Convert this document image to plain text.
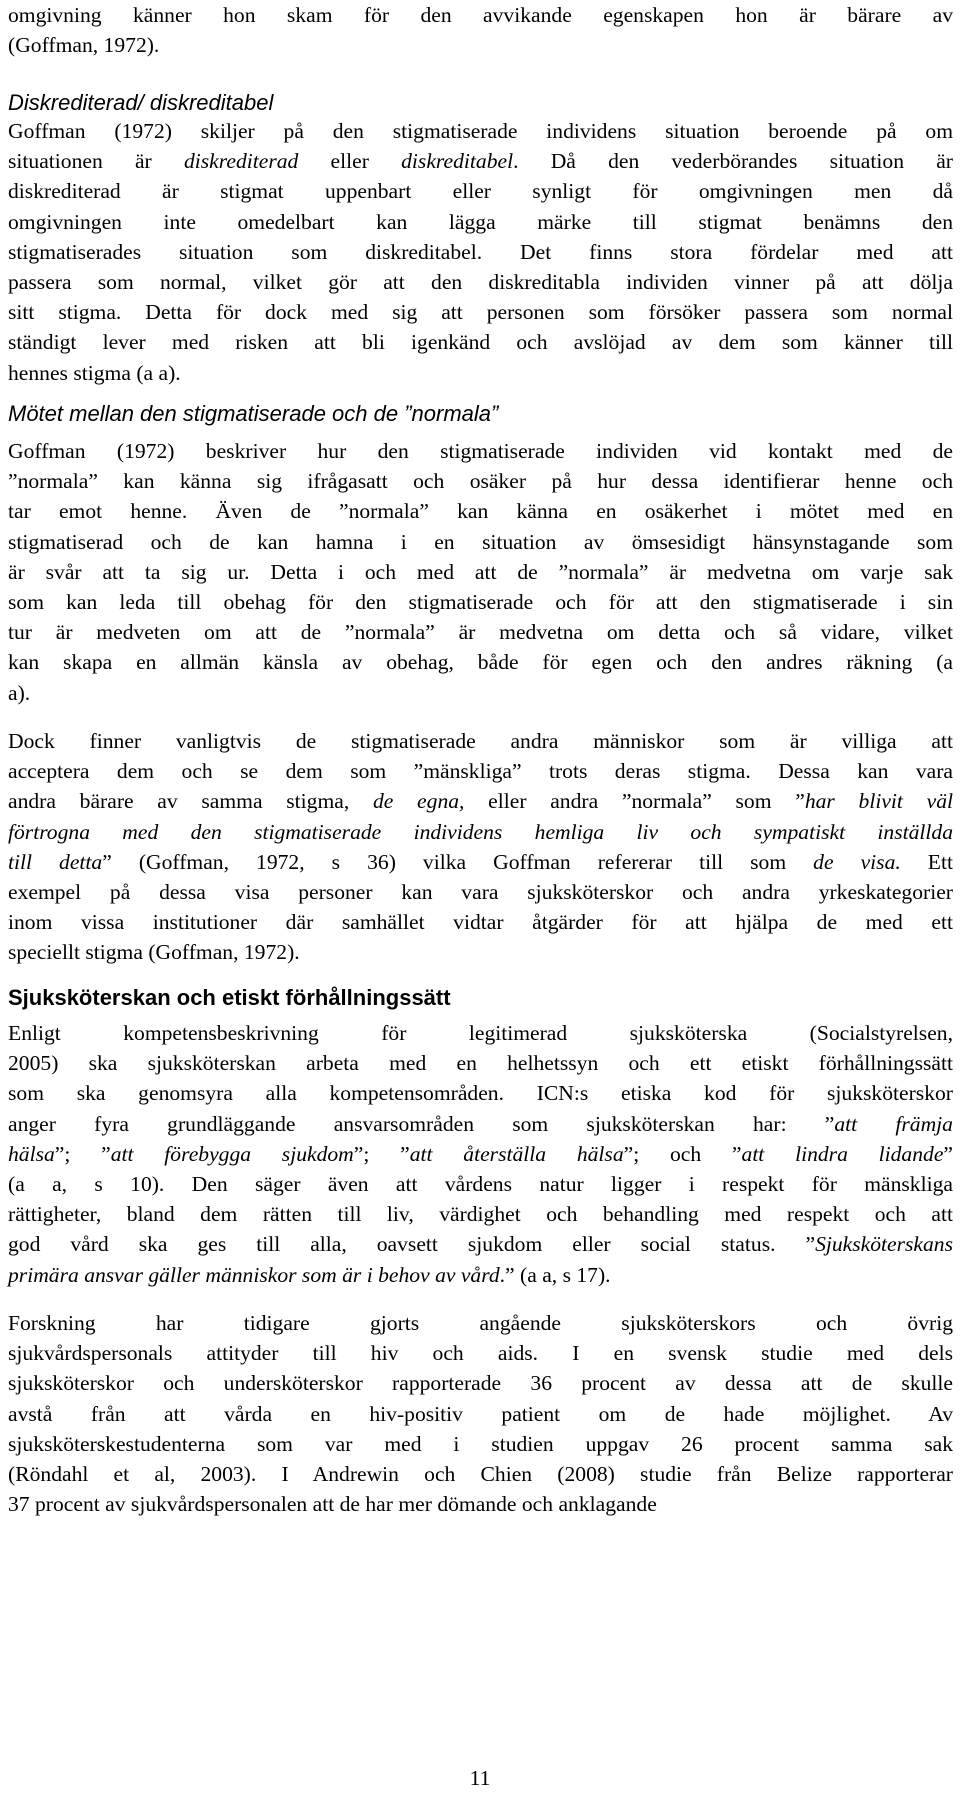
omgivning känner hon skam för den avvikande egenskapen hon är bärare av
(Goffman, 1972).
Diskrediterad/ diskreditabel
Goffman (1972) skiljer på den stigmatiserade individens situation beroende på om
situationen är diskrediterad eller diskreditabel. Då den vederbörandes situation är
diskrediterad är stigmat uppenbart eller synligt för omgivningen men då
omgivningen inte omedelbart kan lägga märke till stigmat benämns den
stigmatiserades situation som diskreditabel. Det finns stora fördelar med att
passera som normal, vilket gör att den diskreditabla individen vinner på att dölja
sitt stigma. Detta för dock med sig att personen som försöker passera som normal
ständigt lever med risken att bli igenkänd och avslöjad av dem som känner till
hennes stigma (a a).
Mötet mellan den stigmatiserade och de ”normala”
Goffman (1972) beskriver hur den stigmatiserade individen vid kontakt med de
”normala” kan känna sig ifrågasatt och osäker på hur dessa identifierar henne och
tar emot henne. Även de ”normala” kan känna en osäkerhet i mötet med en
stigmatiserad och de kan hamna i en situation av ömsesidigt hänsynstagande som
är svår att ta sig ur. Detta i och med att de ”normala” är medvetna om varje sak
som kan leda till obehag för den stigmatiserade och för att den stigmatiserade i sin
tur är medveten om att de ”normala” är medvetna om detta och så vidare, vilket
kan skapa en allmän känsla av obehag, både för egen och den andres räkning (a
a).
Dock finner vanligtvis de stigmatiserade andra människor som är villiga att
acceptera dem och se dem som ”mänskliga” trots deras stigma. Dessa kan vara
andra bärare av samma stigma, de egna, eller andra ”normala” som ”har blivit väl
förtrogna med den stigmatiserade individens hemliga liv och sympatiskt inställda
till detta” (Goffman, 1972, s 36) vilka Goffman refererar till som de visa. Ett
exempel på dessa visa personer kan vara sjuksköterskor och andra yrkeskategorier
inom vissa institutioner där samhället vidtar åtgärder för att hjälpa de med ett
speciellt stigma (Goffman, 1972).
Sjuksköterskan och etiskt förhållningssätt
Enligt kompetensbeskrivning för legitimerad sjuksköterska (Socialstyrelsen,
2005) ska sjuksköterskan arbeta med en helhetssyn och ett etiskt förhållningssätt
som ska genomsyra alla kompetensområden. ICN:s etiska kod för sjuksköterskor
anger fyra grundläggande ansvarsområden som sjuksköterskan har: ”att främja
hälsa”; ”att förebygga sjukdom”; ”att återställa hälsa”; och ”att lindra lidande”
(a a, s 10). Den säger även att vårdens natur ligger i respekt för mänskliga
rättigheter, bland dem rätten till liv, värdighet och behandling med respekt och att
god vård ska ges till alla, oavsett sjukdom eller social status. ”Sjuksköterskans
primära ansvar gäller människor som är i behov av vård.” (a a, s 17).
Forskning har tidigare gjorts angående sjuksköterskors och övrig
sjukvårdspersonals attityder till hiv och aids. I en svensk studie med dels
sjuksköterskor och undersköterskor rapporterade 36 procent av dessa att de skulle
avstå från att vårda en hiv-positiv patient om de hade möjlighet. Av
sjuksköterskestudenterna som var med i studien uppgav 26 procent samma sak
(Röndahl et al, 2003). I Andrewin och Chien (2008) studie från Belize rapporterar
37 procent av sjukvårdspersonalen att de har mer dömande och anklagande
11
